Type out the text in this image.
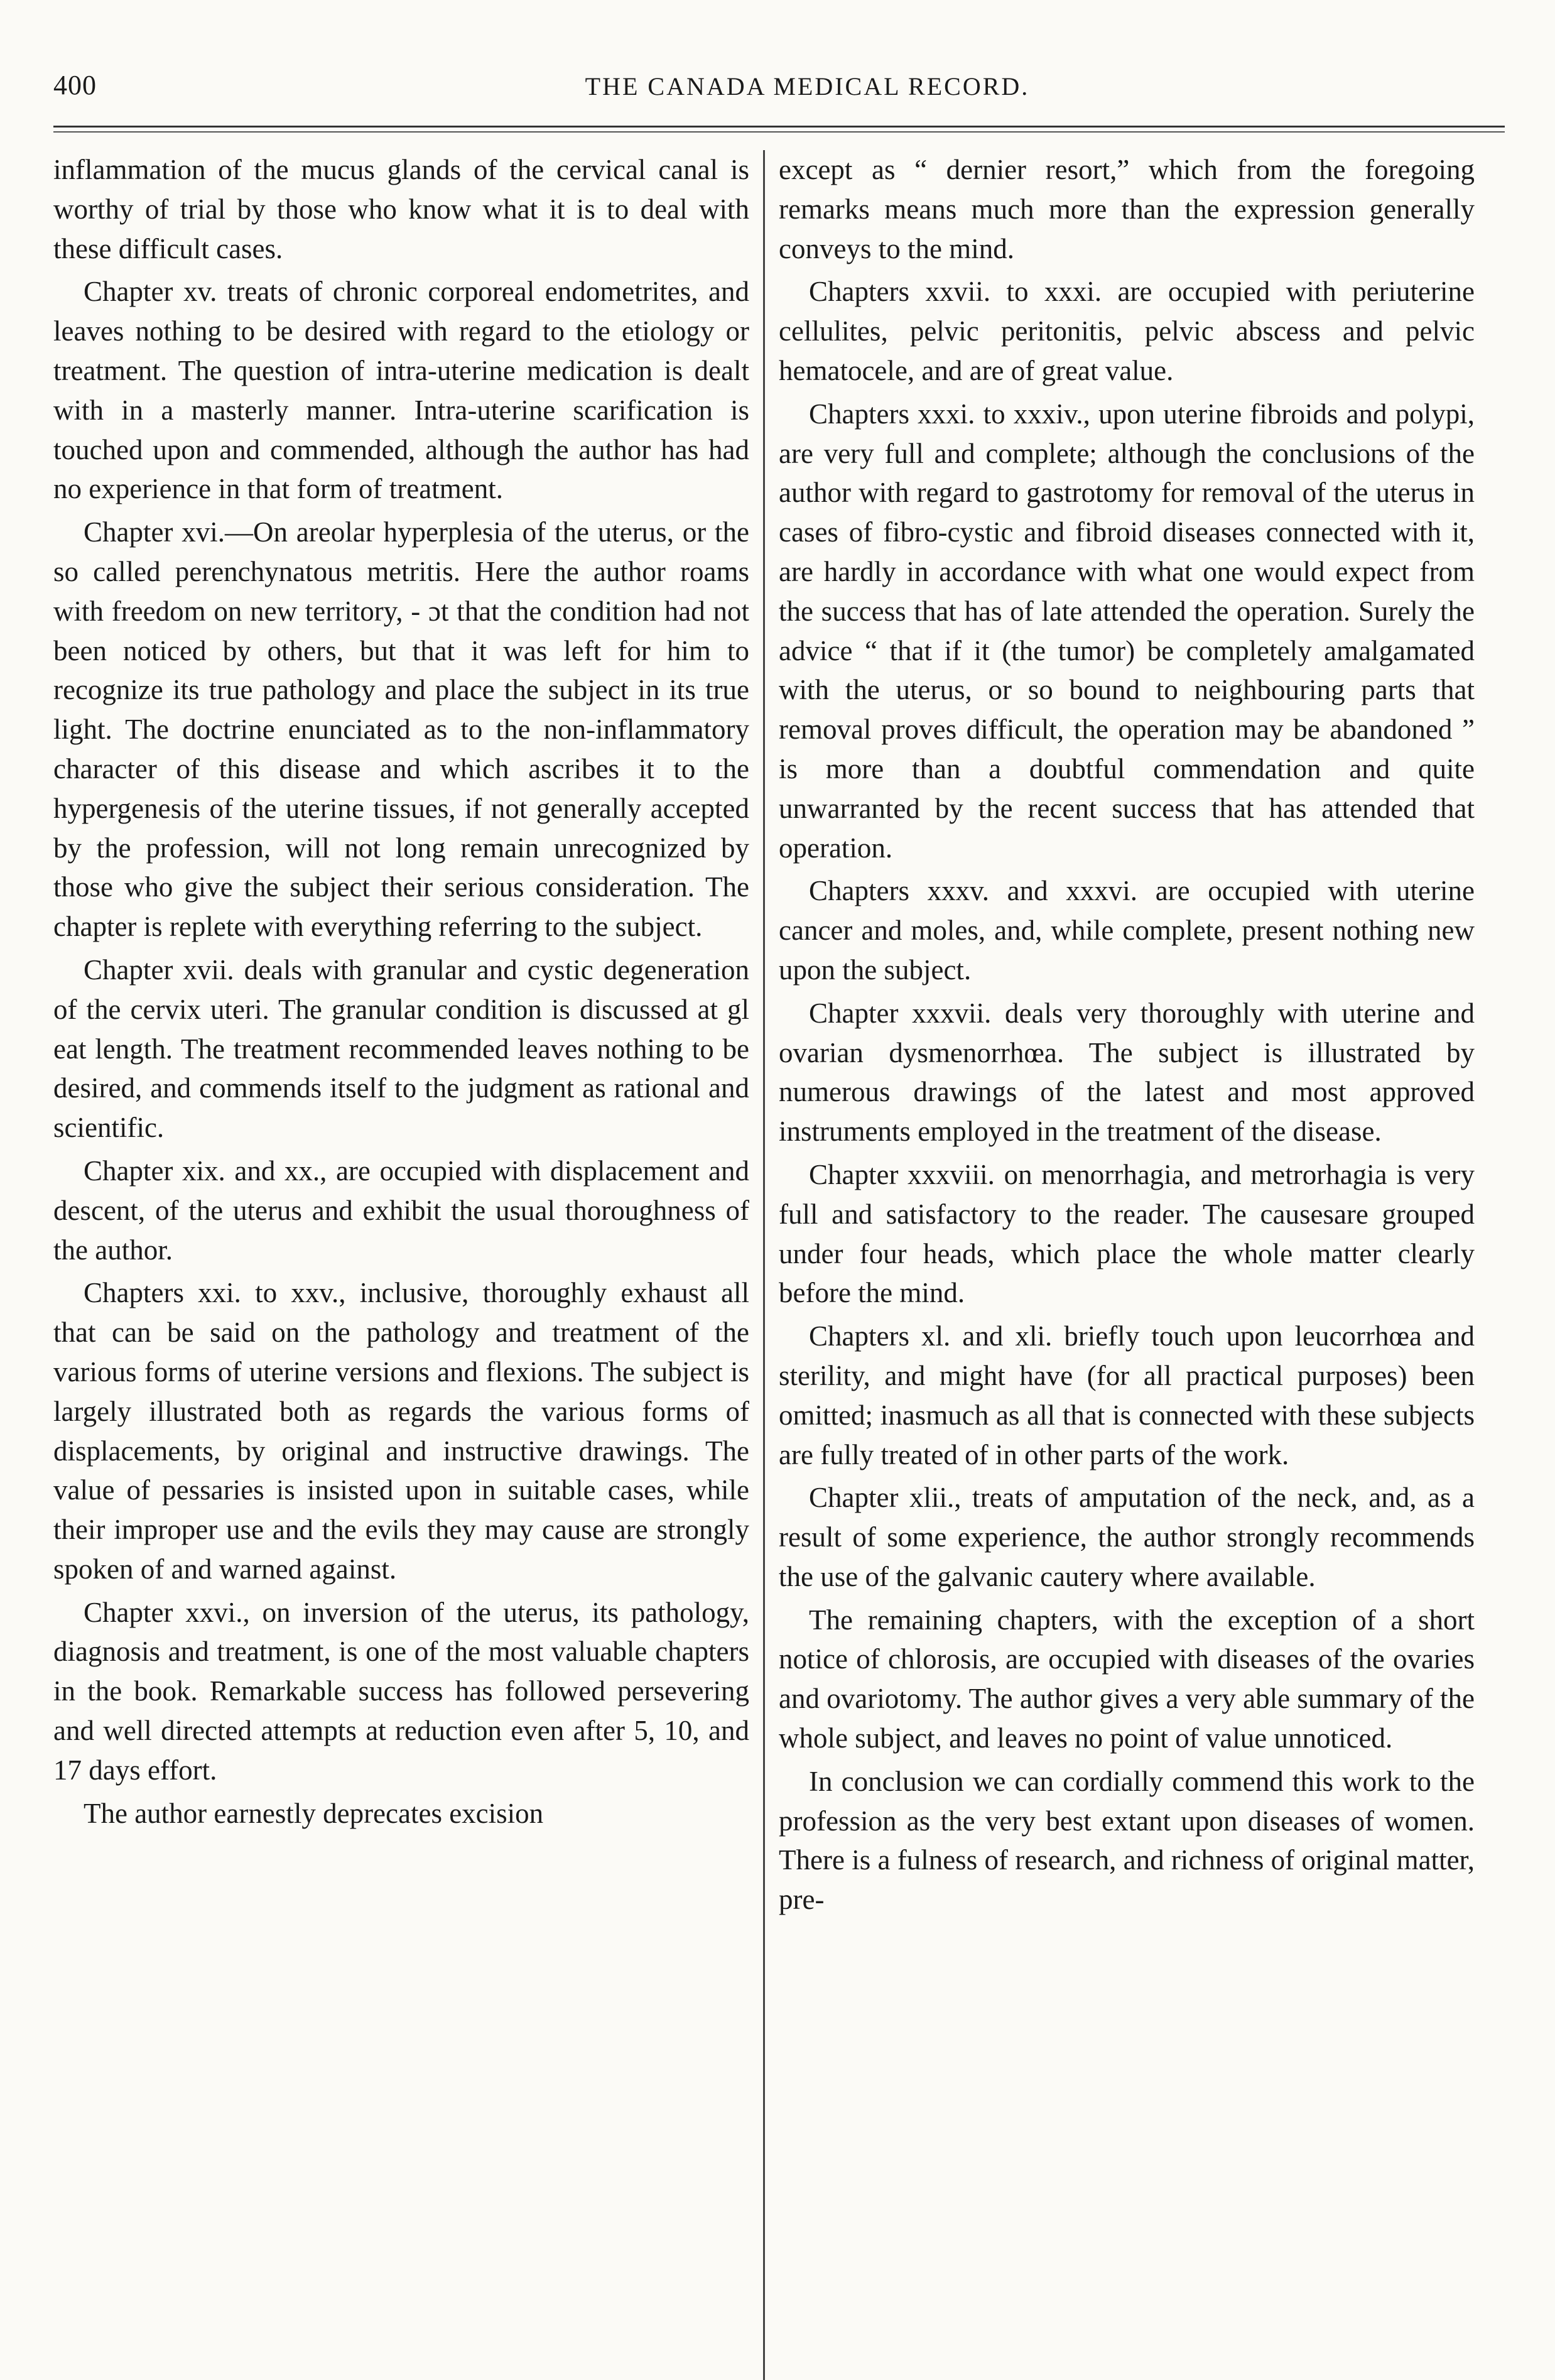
400	THE CANADA MEDICAL RECORD.

inflammation of the mucus glands of the cervical canal is worthy of trial by those who know what it is to deal with these difficult cases.

Chapter xv. treats of chronic corporeal endometrites, and leaves nothing to be desired with regard to the etiology or treatment. The question of intra-uterine medication is dealt with in a masterly manner. Intra-uterine scarification is touched upon and commended, although the author has had no experience in that form of treatment.

Chapter xvi.—On areolar hyperplesia of the uterus, or the so called perenchynatous metritis. Here the author roams with freedom on new territory, - ɔt that the condition had not been noticed by others, but that it was left for him to recognize its true pathology and place the subject in its true light. The doctrine enunciated as to the non-inflammatory character of this disease and which ascribes it to the hypergenesis of the uterine tissues, if not generally accepted by the profession, will not long remain unrecognized by those who give the subject their serious consideration. The chapter is replete with everything referring to the subject.

Chapter xvii. deals with granular and cystic degeneration of the cervix uteri. The granular condition is discussed at gl eat length. The treatment recommended leaves nothing to be desired, and commends itself to the judgment as rational and scientific.

Chapter xix. and xx., are occupied with displacement and descent, of the uterus and exhibit the usual thoroughness of the author.

Chapters xxi. to xxv., inclusive, thoroughly exhaust all that can be said on the pathology and treatment of the various forms of uterine versions and flexions. The subject is largely illustrated both as regards the various forms of displacements, by original and instructive drawings. The value of pessaries is insisted upon in suitable cases, while their improper use and the evils they may cause are strongly spoken of and warned against.

Chapter xxvi., on inversion of the uterus, its pathology, diagnosis and treatment, is one of the most valuable chapters in the book. Remarkable success has followed persevering and well directed attempts at reduction even after 5, 10, and 17 days effort.

The author earnestly deprecates excision

except as “ dernier resort,” which from the foregoing remarks means much more than the expression generally conveys to the mind.

Chapters xxvii. to xxxi. are occupied with periuterine cellulites, pelvic peritonitis, pelvic abscess and pelvic hematocele, and are of great value.

Chapters xxxi. to xxxiv., upon uterine fibroids and polypi, are very full and complete; although the conclusions of the author with regard to gastrotomy for removal of the uterus in cases of fibro-cystic and fibroid diseases connected with it, are hardly in accordance with what one would expect from the success that has of late attended the operation. Surely the advice “ that if it (the tumor) be completely amalgamated with the uterus, or so bound to neighbouring parts that removal proves difficult, the operation may be abandoned ” is more than a doubtful commendation and quite unwarranted by the recent success that has attended that operation.

Chapters xxxv. and xxxvi. are occupied with uterine cancer and moles, and, while complete, present nothing new upon the subject.

Chapter xxxvii. deals very thoroughly with uterine and ovarian dysmenorrhœa. The subject is illustrated by numerous drawings of the latest and most approved instruments employed in the treatment of the disease.

Chapter xxxviii. on menorrhagia, and metrorhagia is very full and satisfactory to the reader. The causesare grouped under four heads, which place the whole matter clearly before the mind.

Chapters xl. and xli. briefly touch upon leucorrhœa and sterility, and might have (for all practical purposes) been omitted; inasmuch as all that is connected with these subjects are fully treated of in other parts of the work.

Chapter xlii., treats of amputation of the neck, and, as a result of some experience, the author strongly recommends the use of the galvanic cautery where available.

The remaining chapters, with the exception of a short notice of chlorosis, are occupied with diseases of the ovaries and ovariotomy. The author gives a very able summary of the whole subject, and leaves no point of value unnoticed.

In conclusion we can cordially commend this work to the profession as the very best extant upon diseases of women. There is a fulness of research, and richness of original matter, pre-
